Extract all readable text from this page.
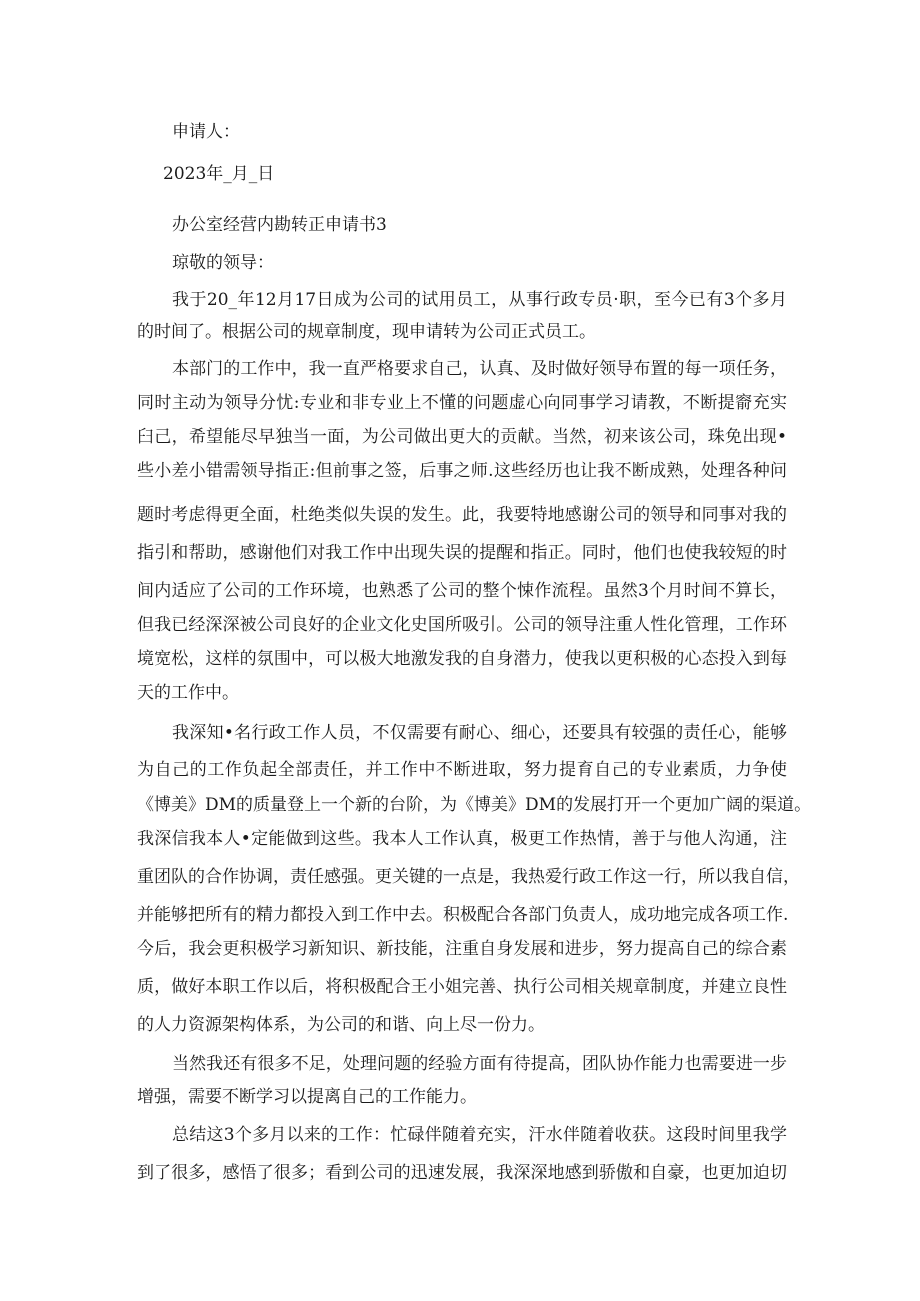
申请人：
2023年_月_日
办公室经营内勘转正申请书3
琼敬的领导：
我于20_年12月17日成为公司的试用员工，从事行政专员·职，至今已有3个多月
的时间了。根据公司的规章制度，现申请转为公司正式员工。
本部门的工作中，我一直严格要求自己，认真、及时做好领导布置的每一项任务，
同时主动为领导分忧:专业和非专业上不懂的问题虚心向同事学习请教，不断提窬充实
臼己，希望能尽早独当一面，为公司做出更大的贡献。当然，初来该公司，珠免出现•
些小差小错需领导指正:但前事之签，后事之师.这些经历也让我不断成熟，处理各种问
题时考虑得更全面，杜绝类似失误的发生。此，我要特地感谢公司的领导和同事对我的
指引和帮助，感谢他们对我工作中出现失误的提醒和指正。同时，他们也使我较短的时
间内适应了公司的工作环境，也熟悉了公司的整个悚作流程。虽然3个月时间不算长，
但我已经深深被公司良好的企业文化史国所吸引。公司的领导注重人性化管理，工作环
境宽松，这样的氛围中，可以极大地激发我的自身潜力，使我以更积极的心态投入到每
天的工作中。
我深知•名行政工作人员，不仅需要有耐心、细心，还要具有较强的责任心，能够
为自己的工作负起全部责任，并工作中不断进取，努力提育自己的专业素质，力争使
《博美》DM的质量登上一个新的台阶，为《博美》DM的发展打开一个更加广阔的渠道。
我深信我本人•定能做到这些。我本人工作认真，极更工作热情，善于与他人沟通，注
重团队的合作协调，责任感强。更关键的一点是，我热爱行政工作这一行，所以我自信，
并能够把所有的精力都投入到工作中去。积极配合各部门负责人，成功地完成各项工作.
今后，我会更积极学习新知识、新技能，注重自身发展和进步，努力提高自己的综合素
质，做好本职工作以后，将积极配合王小姐完善、执行公司相关规章制度，并建立良性
的人力资源架构体系，为公司的和谐、向上尽一份力。
当然我还有很多不足，处理问题的经验方面有待提高，团队协作能力也需要进一步
增强，需要不断学习以提离自己的工作能力。
总结这3个多月以来的工作：忙碌伴随着充实，汗水伴随着收获。这段时间里我学
到了很多，感悟了很多；看到公司的迅速发展，我深深地感到骄傲和自豪，也更加迫切
